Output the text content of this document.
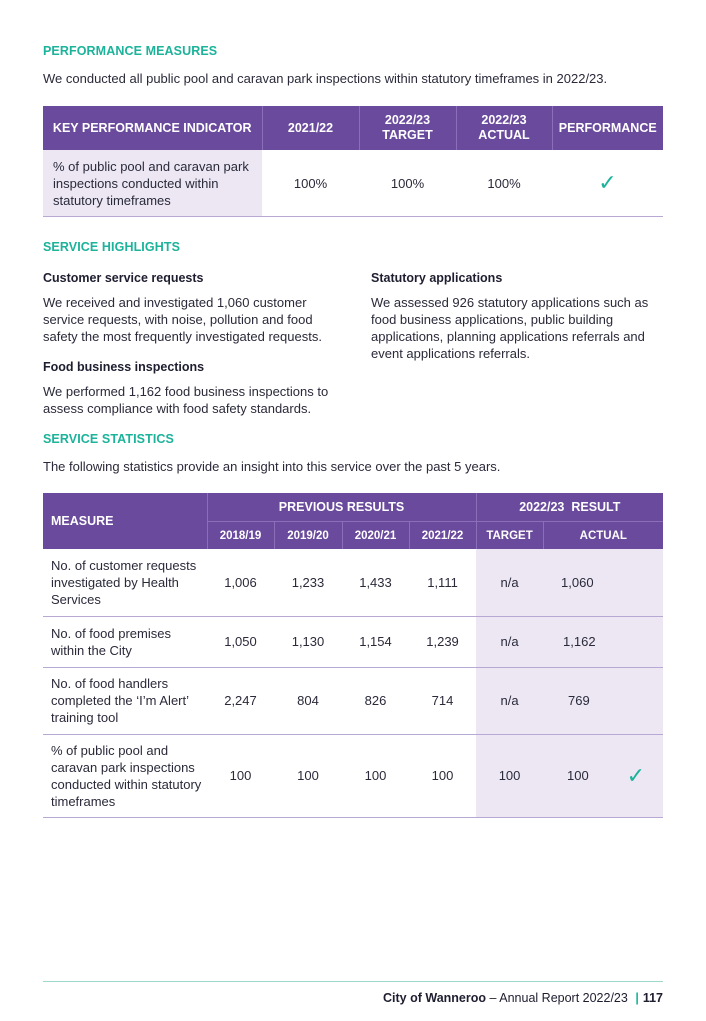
PERFORMANCE MEASURES
We conducted all public pool and caravan park inspections within statutory timeframes in 2022/23.
KEY PERFORMANCE INDICATOR	2021/22	2022/23 TARGET	2022/23 ACTUAL	PERFORMANCE
% of public pool and caravan park inspections conducted within statutory timeframes	100%	100%	100%	✓
SERVICE HIGHLIGHTS
Customer service requests
We received and investigated 1,060 customer service requests, with noise, pollution and food safety the most frequently investigated requests.
Food business inspections
We performed 1,162 food business inspections to assess compliance with food safety standards.
Statutory applications
We assessed 926 statutory applications such as food business applications, public building applications, planning applications referrals and event applications referrals.
SERVICE STATISTICS
The following statistics provide an insight into this service over the past 5 years.
MEASURE	PREVIOUS RESULTS				2022/23  RESULT	
	2018/19	2019/20	2020/21	2021/22	TARGET	ACTUAL
No. of customer requests investigated by Health Services	1,006	1,233	1,433	1,111	n/a	1,060
No. of food premises within the City	1,050	1,130	1,154	1,239	n/a	1,162
No. of food handlers completed the ‘I’m Alert’ training tool	2,247	804	826	714	n/a	769
% of public pool and caravan park inspections conducted within statutory timeframes	100	100	100	100	100	100 ✓
City of Wanneroo – Annual Report 2022/23 | 117
